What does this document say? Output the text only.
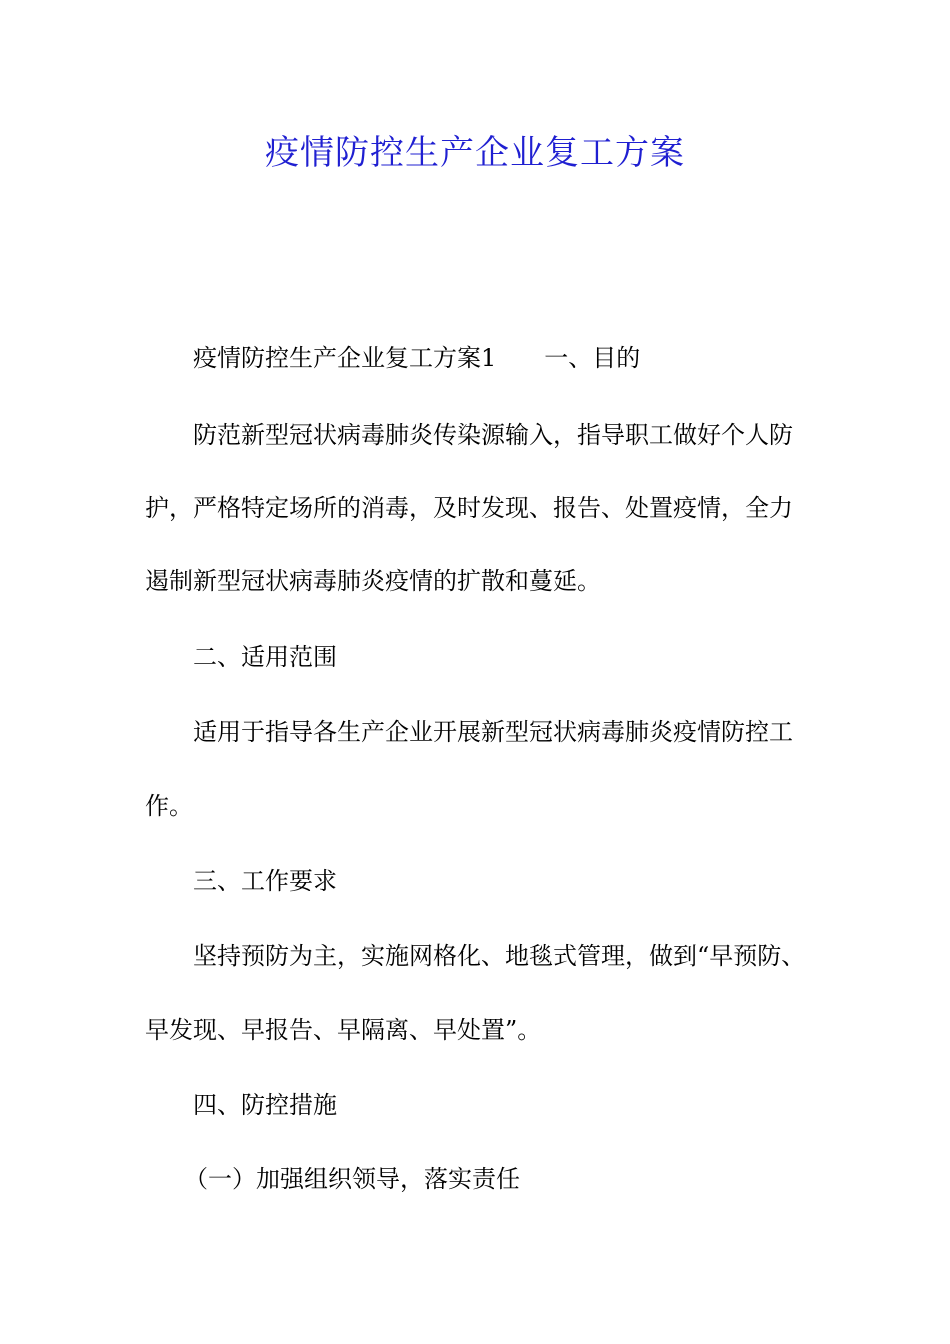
疫情防控生产企业复工方案

疫情防控生产企业复工方案1 一、目的

防范新型冠状病毒肺炎传染源输入，指导职工做好个人防

护，严格特定场所的消毒，及时发现、报告、处置疫情，全力

遏制新型冠状病毒肺炎疫情的扩散和蔓延。

二、适用范围

适用于指导各生产企业开展新型冠状病毒肺炎疫情防控工

作。

三、工作要求

坚持预防为主，实施网格化、地毯式管理，做到“早预防、

早发现、早报告、早隔离、早处置”。

四、防控措施

（一）加强组织领导，落实责任
